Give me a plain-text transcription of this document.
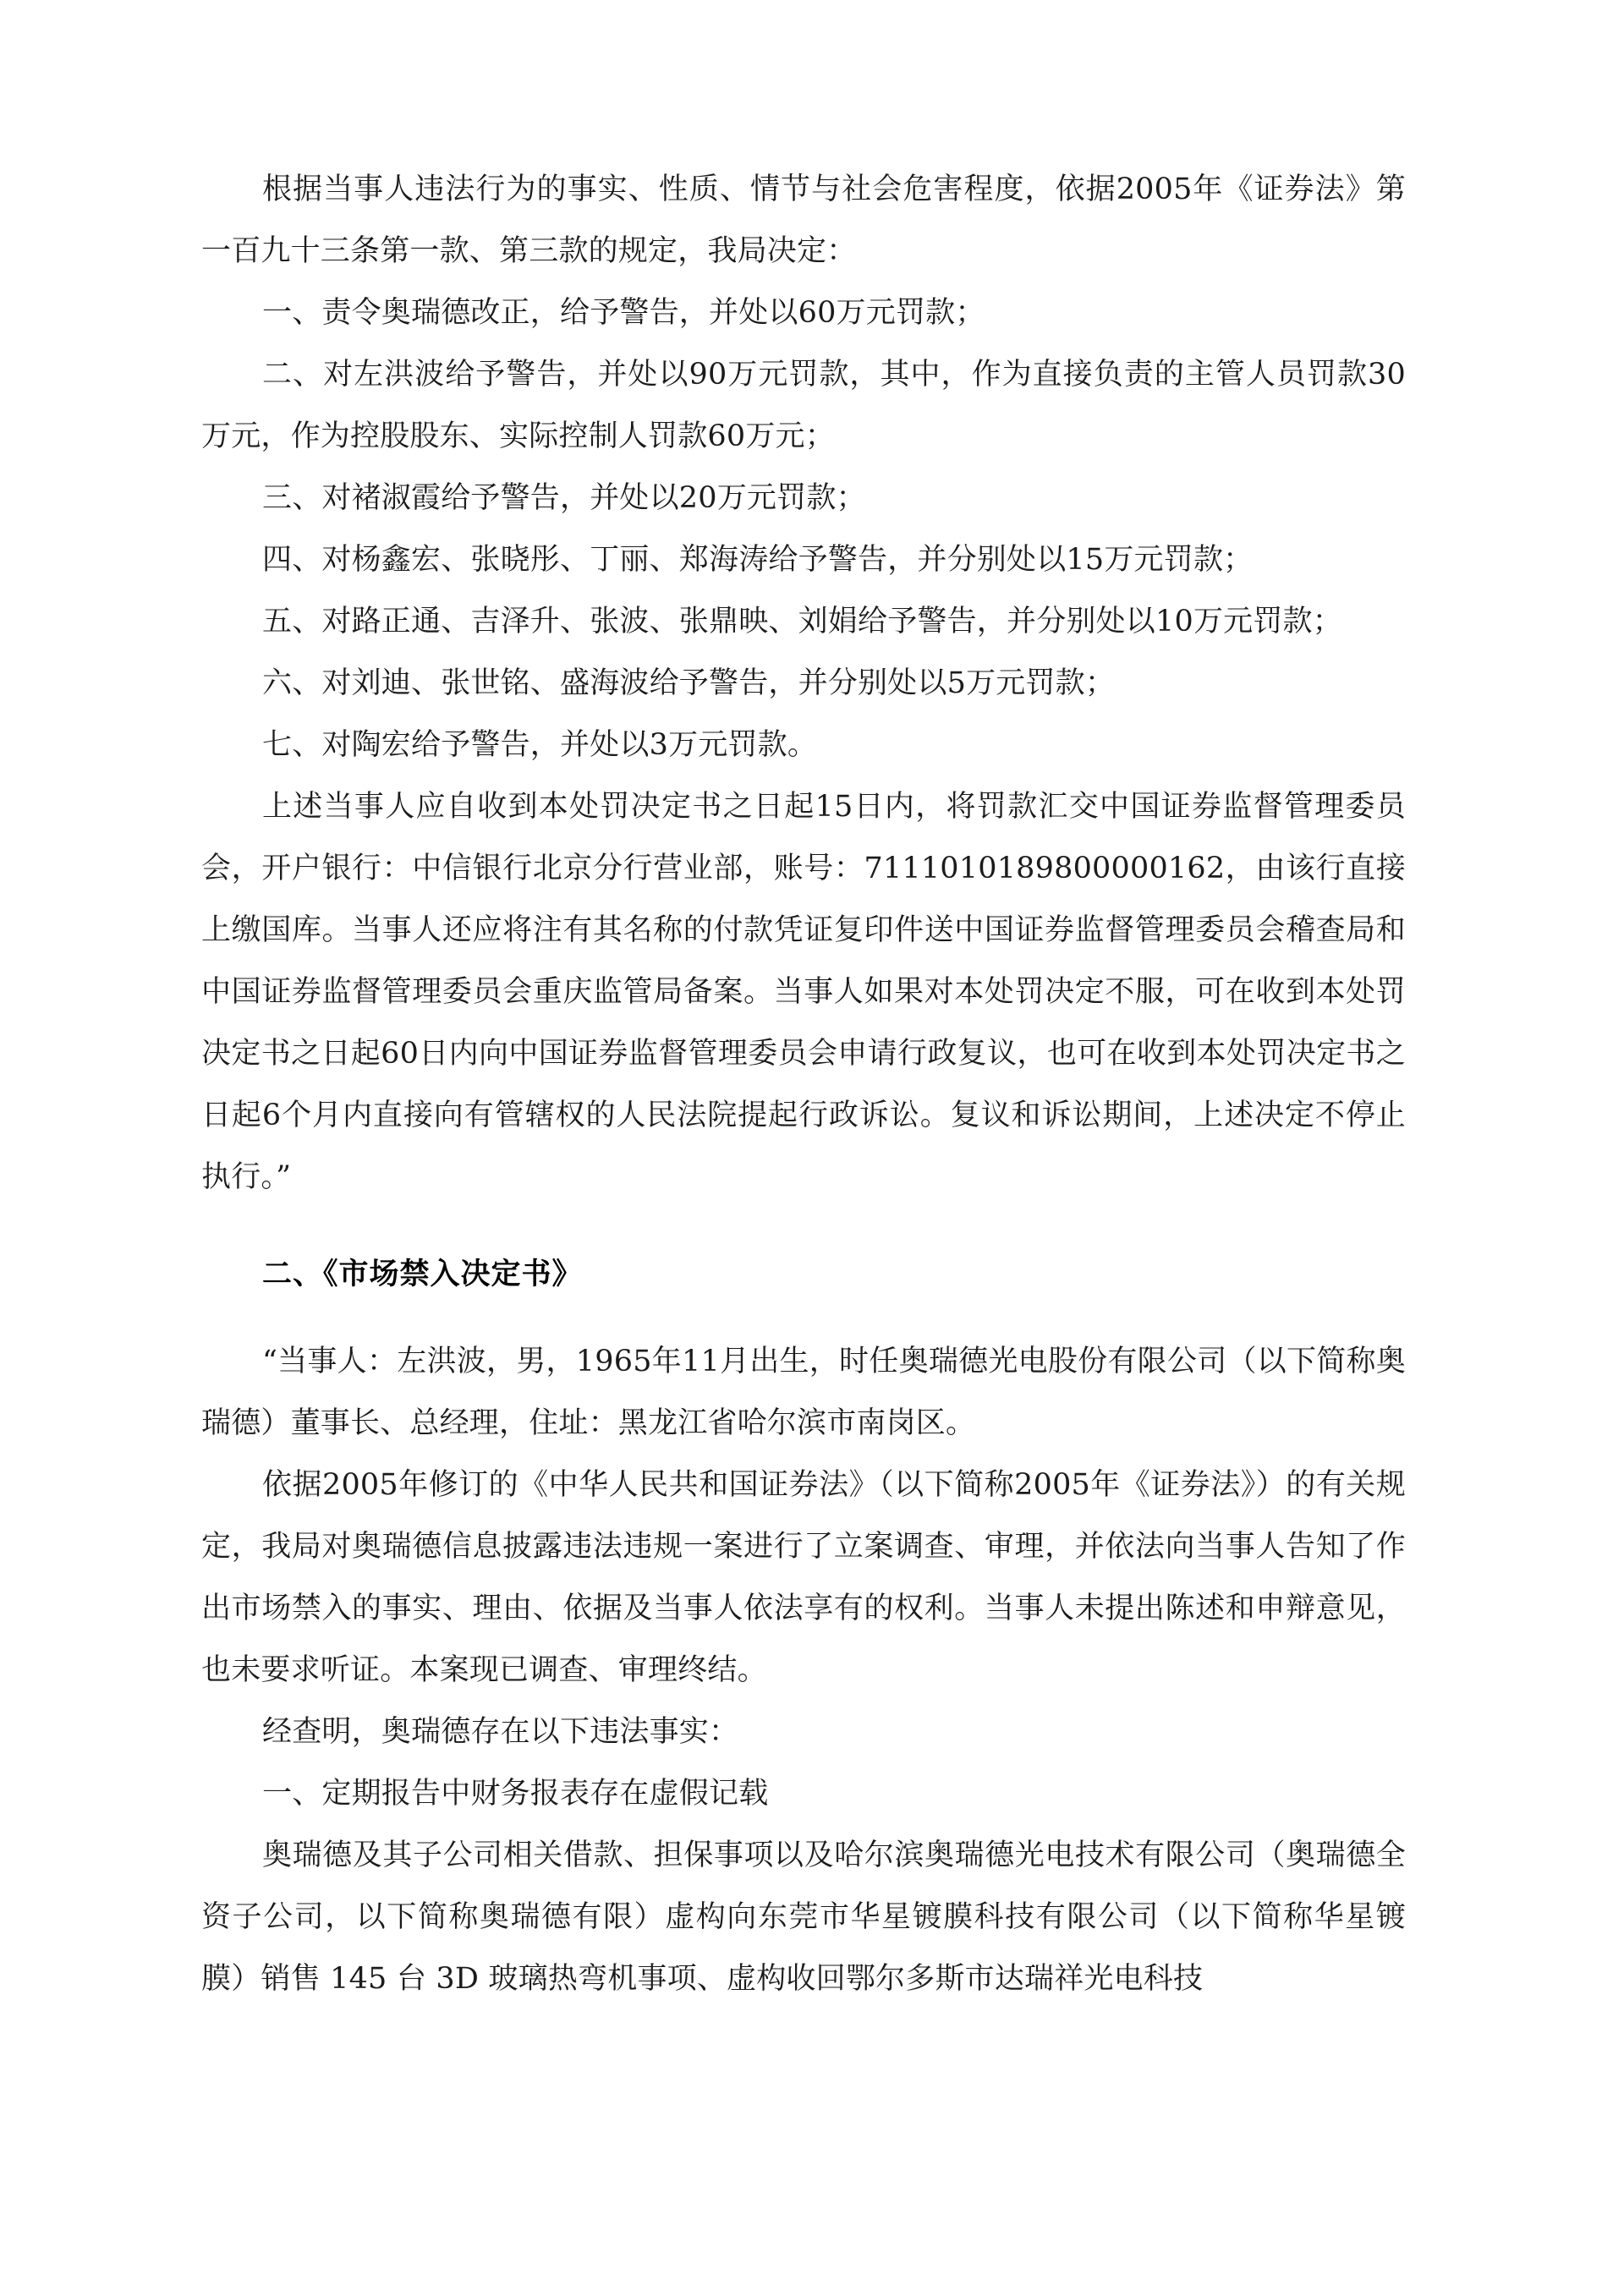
根据当事人违法行为的事实、性质、情节与社会危害程度，依据2005年《证券法》第一百九十三条第一款、第三款的规定，我局决定：

一、责令奥瑞德改正，给予警告，并处以60万元罚款；

二、对左洪波给予警告，并处以90万元罚款，其中，作为直接负责的主管人员罚款30万元，作为控股股东、实际控制人罚款60万元；

三、对褚淑霞给予警告，并处以20万元罚款；

四、对杨鑫宏、张晓彤、丁丽、郑海涛给予警告，并分别处以15万元罚款；

五、对路正通、吉泽升、张波、张鼎映、刘娟给予警告，并分别处以10万元罚款；

六、对刘迪、张世铭、盛海波给予警告，并分别处以5万元罚款；

七、对陶宏给予警告，并处以3万元罚款。

上述当事人应自收到本处罚决定书之日起15日内，将罚款汇交中国证券监督管理委员会，开户银行：中信银行北京分行营业部，账号：7111010189800000162，由该行直接上缴国库。当事人还应将注有其名称的付款凭证复印件送中国证券监督管理委员会稽查局和中国证券监督管理委员会重庆监管局备案。当事人如果对本处罚决定不服，可在收到本处罚决定书之日起60日内向中国证券监督管理委员会申请行政复议，也可在收到本处罚决定书之日起6个月内直接向有管辖权的人民法院提起行政诉讼。复议和诉讼期间，上述决定不停止执行。”

二、《市场禁入决定书》

“当事人：左洪波，男，1965年11月出生，时任奥瑞德光电股份有限公司（以下简称奥瑞德）董事长、总经理，住址：黑龙江省哈尔滨市南岗区。

依据2005年修订的《中华人民共和国证券法》（以下简称2005年《证券法》）的有关规定，我局对奥瑞德信息披露违法违规一案进行了立案调查、审理，并依法向当事人告知了作出市场禁入的事实、理由、依据及当事人依法享有的权利。当事人未提出陈述和申辩意见，也未要求听证。本案现已调查、审理终结。

经查明，奥瑞德存在以下违法事实：

一、定期报告中财务报表存在虚假记载

奥瑞德及其子公司相关借款、担保事项以及哈尔滨奥瑞德光电技术有限公司（奥瑞德全资子公司，以下简称奥瑞德有限）虚构向东莞市华星镀膜科技有限公司（以下简称华星镀膜）销售 145 台 3D 玻璃热弯机事项、虚构收回鄂尔多斯市达瑞祥光电科技
